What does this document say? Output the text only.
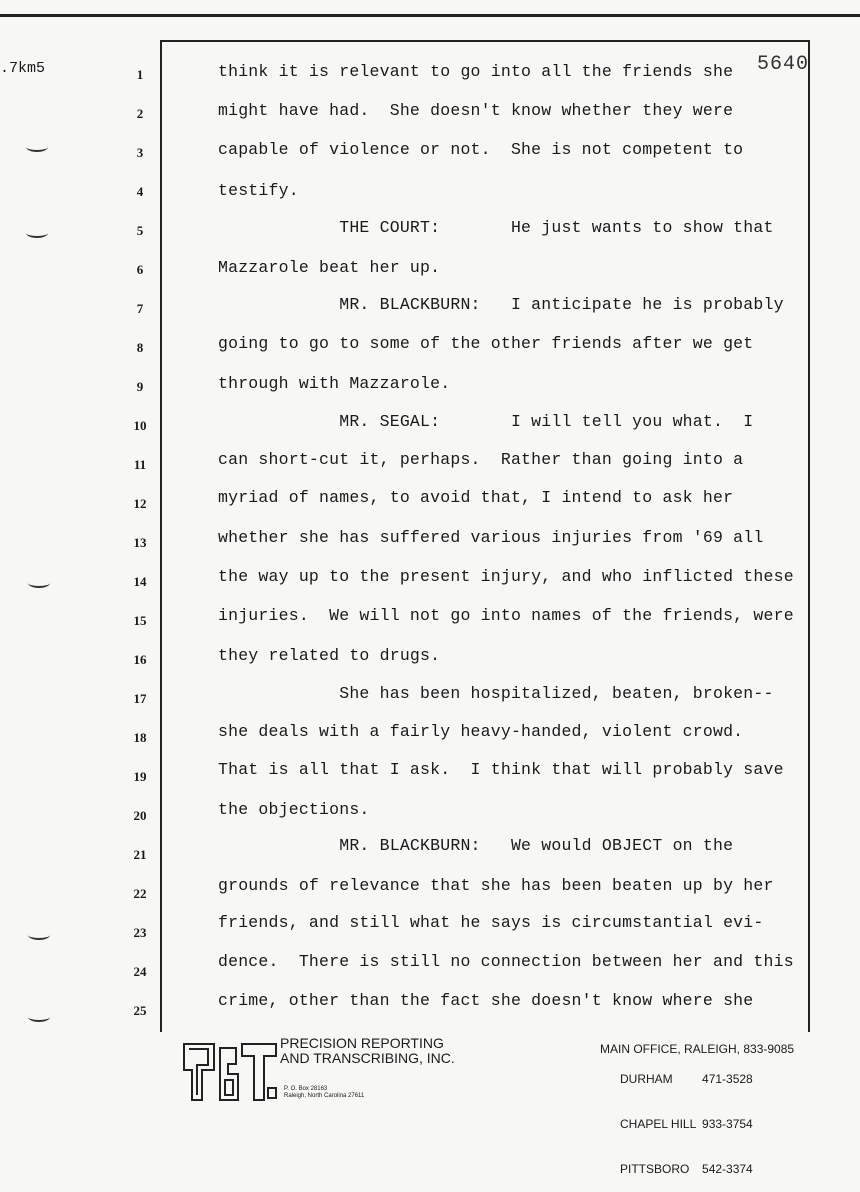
.7km5	5640
1
2
3
4
5
6
7
8
9
10
11
12
13
14
15
16
17
18
19
20
21
22
23
24
25
think it is relevant to go into all the friends she
might have had.  She doesn't know whether they were
capable of violence or not.  She is not competent to
testify.
THE COURT:       He just wants to show that
Mazzarole beat her up.
MR. BLACKBURN:   I anticipate he is probably
going to go to some of the other friends after we get
through with Mazzarole.
MR. SEGAL:       I will tell you what.  I
can short-cut it, perhaps.  Rather than going into a
myriad of names, to avoid that, I intend to ask her
whether she has suffered various injuries from '69 all
the way up to the present injury, and who inflicted these
injuries.  We will not go into names of the friends, were
they related to drugs.
She has been hospitalized, beaten, broken--
she deals with a fairly heavy-handed, violent crowd.
That is all that I ask.  I think that will probably save
the objections.
MR. BLACKBURN:   We would OBJECT on the
grounds of relevance that she has been beaten up by her
friends, and still what he says is circumstantial evi-
dence.  There is still no connection between her and this
crime, other than the fact she doesn't know where she
PRECISION REPORTING
AND TRANSCRIBING, INC.
P. O. Box 28163
Raleigh, North Carolina 27611
MAIN OFFICE, RALEIGH, 833-9085

DURHAM 471-3528

CHAPEL HILL 933-3754

PITTSBORO 542-3374
